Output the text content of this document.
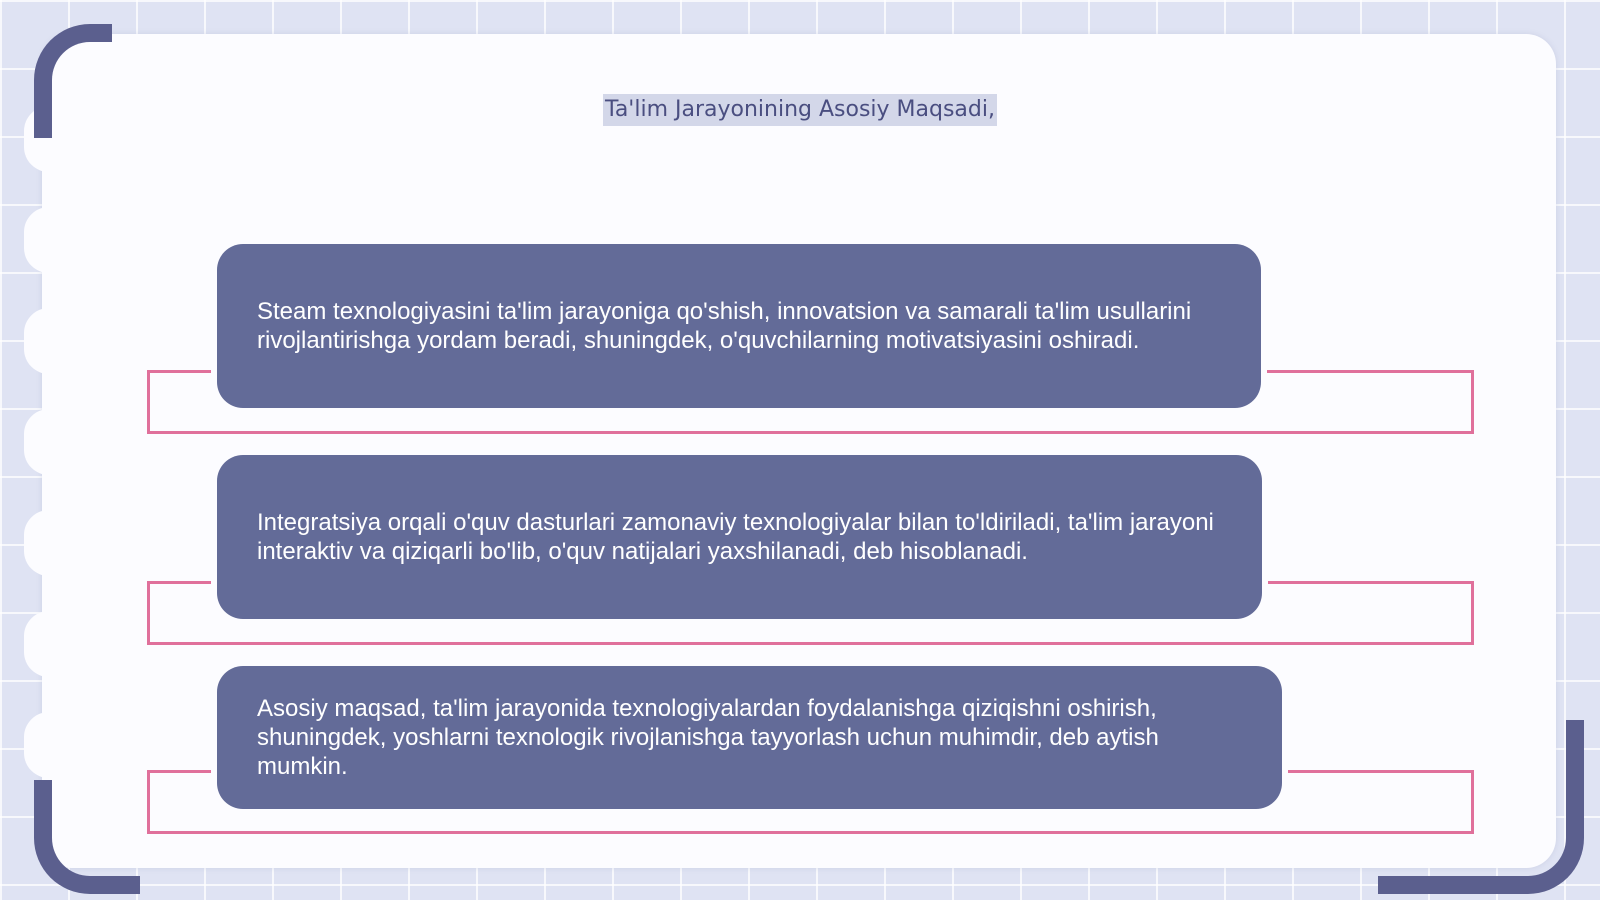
Ta'lim Jarayonining Asosiy Maqsadi,
Steam texnologiyasini ta'lim jarayoniga qo'shish, innovatsion va samarali ta'lim usullarini rivojlantirishga yordam beradi, shuningdek, o'quvchilarning motivatsiyasini oshiradi.
Integratsiya orqali o'quv dasturlari zamonaviy texnologiyalar bilan to'ldiriladi, ta'lim jarayoni interaktiv va qiziqarli bo'lib, o'quv natijalari yaxshilanadi, deb hisoblanadi.
Asosiy maqsad, ta'lim jarayonida texnologiyalardan foydalanishga qiziqishni oshirish, shuningdek, yoshlarni texnologik rivojlanishga tayyorlash uchun muhimdir, deb aytish mumkin.
